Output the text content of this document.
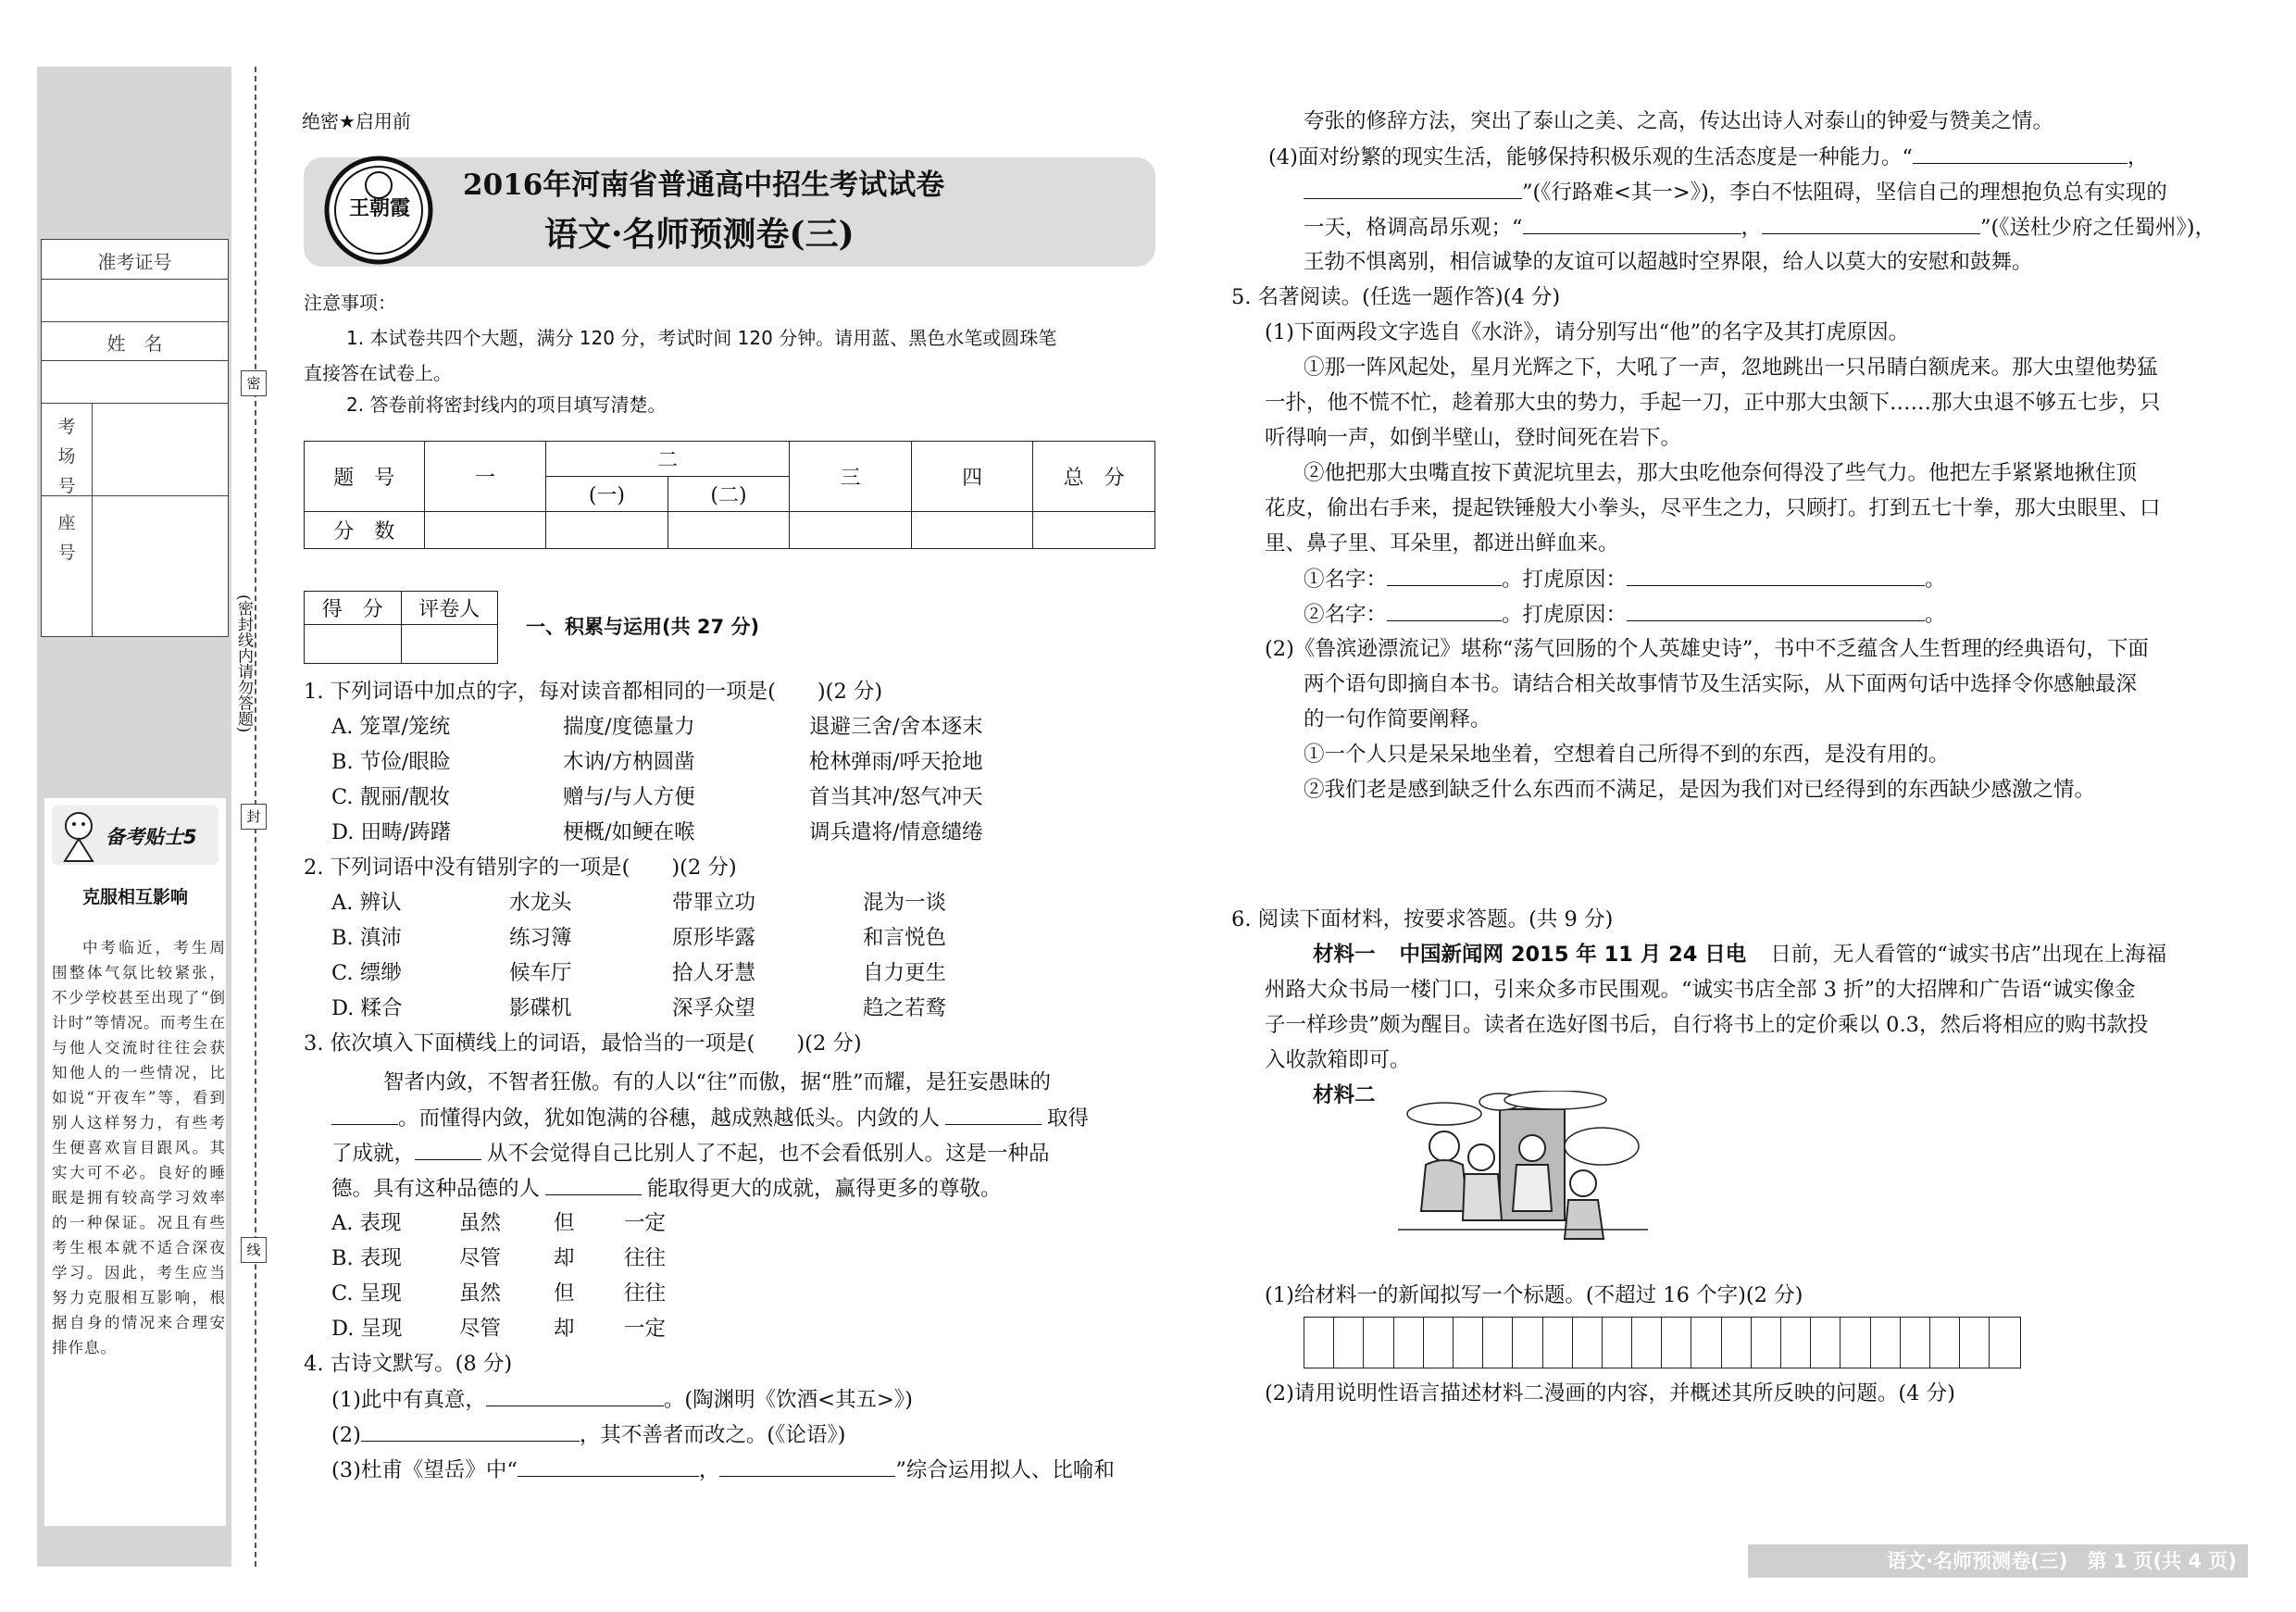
准考证号
姓　名
考场号
座号
(密封线内请勿答题)
备考贴士5
克服相互影响
中考临近，考生周围整体气氛比较紧张，不少学校甚至出现了“倒计时”等情况。而考生在与他人交流时往往会获知他人的一些情况，比如说“开夜车”等，看到别人这样努力，有些考生便喜欢盲目跟风。其实大可不必。良好的睡眠是拥有较高学习效率的一种保证。况且有些考生根本就不适合深夜学习。因此，考生应当努力克服相互影响，根据自身的情况来合理安排作息。
密
封
线
绝密★启用前
王朝霞
2016年河南省普通高中招生考试试卷
语文·名师预测卷(三)
注意事项：
1. 本试卷共四个大题，满分 120 分，考试时间 120 分钟。请用蓝、黑色水笔或圆珠笔
直接答在试卷上。
2. 答卷前将密封线内的项目填写清楚。
题　号	一	二		三	四	总　分
		(一)	(二)			
分　数						
得　分	评卷人

一、积累与运用(共 27 分)
1. 下列词语中加点的字，每对读音都相同的一项是(　　)(2 分)
A. 笼罩/笼统	揣度/度德量力	退避三舍/舍本逐末
B. 节俭/眼睑	木讷/方枘圆凿	枪林弹雨/呼天抢地
C. 靓丽/靓妆	赠与/与人方便	首当其冲/怒气冲天
D. 田畴/踌躇	梗概/如鲠在喉	调兵遣将/情意缱绻
2. 下列词语中没有错别字的一项是(　　)(2 分)
A. 辨认	水龙头	带罪立功	混为一谈
B. 滇沛	练习簿	原形毕露	和言悦色
C. 缥缈	候车厅	拾人牙慧	自力更生
D. 糅合	影碟机	深孚众望	趋之若鹜
3. 依次填入下面横线上的词语，最恰当的一项是(　　)(2 分)
智者内敛，不智者狂傲。有的人以“往”而傲，据“胜”而耀，是狂妄愚昧的
。而懂得内敛，犹如饱满的谷穗，越成熟越低头。内敛的人	取得
了成就，	从不会觉得自己比别人了不起，也不会看低别人。这是一种品
德。具有这种品德的人	能取得更大的成就，赢得更多的尊敬。
A. 表现	虽然	但 一定
B. 表现	尽管	却 往往
C. 呈现	虽然	但 往往
D. 呈现	尽管	却 一定
4. 古诗文默写。(8 分)
(1)此中有真意，	。(陶渊明《饮酒<其五>》)
(2)	，其不善者而改之。(《论语》)
(3)杜甫《望岳》中“	，	”综合运用拟人、比喻和
夸张的修辞方法，突出了泰山之美、之高，传达出诗人对泰山的钟爱与赞美之情。
(4)面对纷繁的现实生活，能够保持积极乐观的生活态度是一种能力。“	，
”(《行路难<其一>》)，李白不怯阻碍，坚信自己的理想抱负总有实现的
一天，格调高昂乐观；“	，	”(《送杜少府之任蜀州》)，
王勃不惧离别，相信诚挚的友谊可以超越时空界限，给人以莫大的安慰和鼓舞。
5. 名著阅读。(任选一题作答)(4 分)
(1)下面两段文字选自《水浒》，请分别写出“他”的名字及其打虎原因。
①那一阵风起处，星月光辉之下，大吼了一声，忽地跳出一只吊睛白额虎来。那大虫望他势猛
一扑，他不慌不忙，趁着那大虫的势力，手起一刀，正中那大虫颔下……那大虫退不够五七步，只
听得响一声，如倒半壁山，登时间死在岩下。
②他把那大虫嘴直按下黄泥坑里去，那大虫吃他奈何得没了些气力。他把左手紧紧地揪住顶
花皮，偷出右手来，提起铁锤般大小拳头，尽平生之力，只顾打。打到五七十拳，那大虫眼里、口
里、鼻子里、耳朵里，都迸出鲜血来。
①名字：	。打虎原因：	。
②名字：	。打虎原因：	。
(2)《鲁滨逊漂流记》堪称“荡气回肠的个人英雄史诗”，书中不乏蕴含人生哲理的经典语句，下面
两个语句即摘自本书。请结合相关故事情节及生活实际，从下面两句话中选择令你感触最深
的一句作简要阐释。
①一个人只是呆呆地坐着，空想着自己所得不到的东西，是没有用的。
②我们老是感到缺乏什么东西而不满足，是因为我们对已经得到的东西缺少感激之情。
6. 阅读下面材料，按要求答题。(共 9 分)
材料一 中国新闻网 2015 年 11 月 24 日电 日前，无人看管的“诚实书店”出现在上海福
州路大众书局一楼门口，引来众多市民围观。“诚实书店全部 3 折”的大招牌和广告语“诚实像金
子一样珍贵”颇为醒目。读者在选好图书后，自行将书上的定价乘以 0.3，然后将相应的购书款投
入收款箱即可。
材料二
(1)给材料一的新闻拟写一个标题。(不超过 16 个字)(2 分)
(2)请用说明性语言描述材料二漫画的内容，并概述其所反映的问题。(4 分)
语文·名师预测卷(三)　第 1 页(共 4 页)
